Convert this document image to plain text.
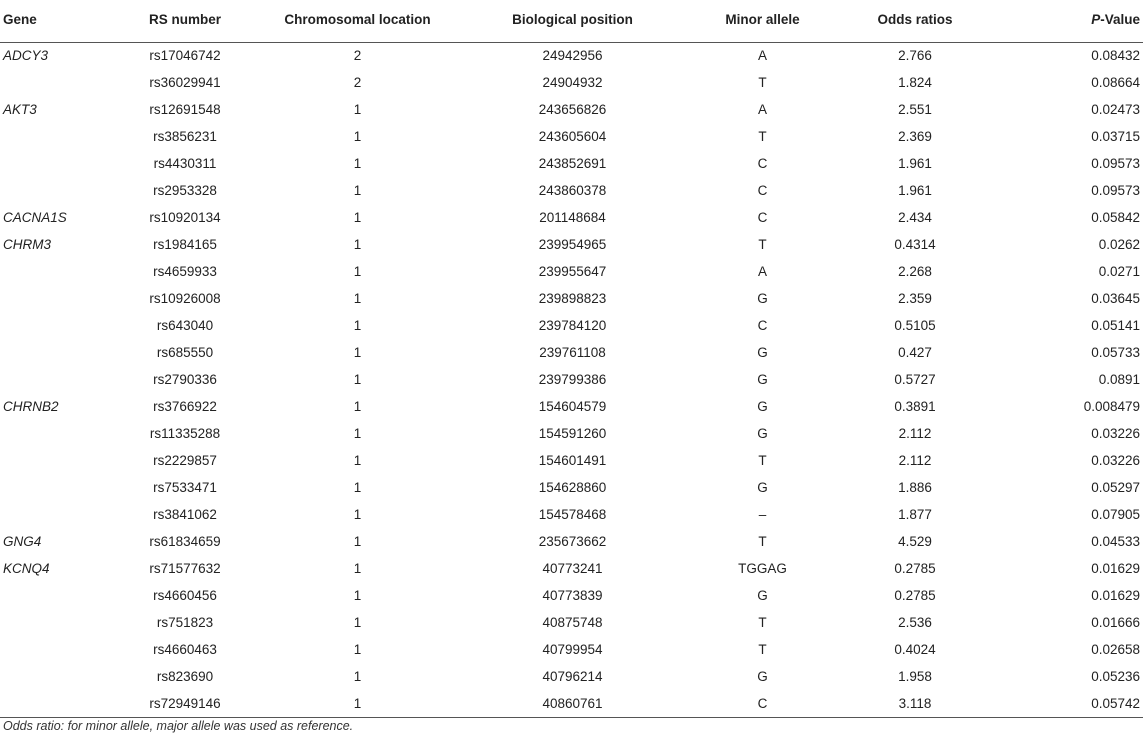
Gene	RS number	Chromosomal location	Biological position	Minor allele	Odds ratios	P-Value
ADCY3	rs17046742	2	24942956	A	2.766	0.08432
	rs36029941	2	24904932	T	1.824	0.08664
AKT3	rs12691548	1	243656826	A	2.551	0.02473
	rs3856231	1	243605604	T	2.369	0.03715
	rs4430311	1	243852691	C	1.961	0.09573
	rs2953328	1	243860378	C	1.961	0.09573
CACNA1S	rs10920134	1	201148684	C	2.434	0.05842
CHRM3	rs1984165	1	239954965	T	0.4314	0.0262
	rs4659933	1	239955647	A	2.268	0.0271
	rs10926008	1	239898823	G	2.359	0.03645
	rs643040	1	239784120	C	0.5105	0.05141
	rs685550	1	239761108	G	0.427	0.05733
	rs2790336	1	239799386	G	0.5727	0.0891
CHRNB2	rs3766922	1	154604579	G	0.3891	0.008479
	rs11335288	1	154591260	G	2.112	0.03226
	rs2229857	1	154601491	T	2.112	0.03226
	rs7533471	1	154628860	G	1.886	0.05297
	rs3841062	1	154578468	–	1.877	0.07905
GNG4	rs61834659	1	235673662	T	4.529	0.04533
KCNQ4	rs71577632	1	40773241	TGGAG	0.2785	0.01629
	rs4660456	1	40773839	G	0.2785	0.01629
	rs751823	1	40875748	T	2.536	0.01666
	rs4660463	1	40799954	T	0.4024	0.02658
	rs823690	1	40796214	G	1.958	0.05236
	rs72949146	1	40860761	C	3.118	0.05742
Odds ratio: for minor allele, major allele was used as reference.
